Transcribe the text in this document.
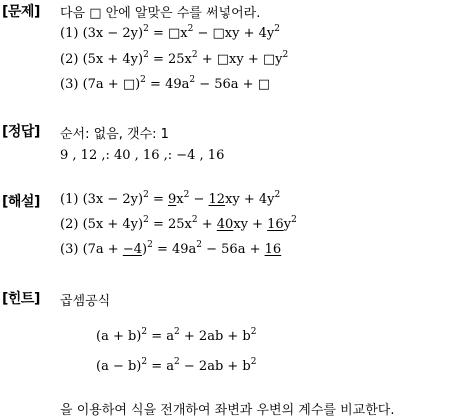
[문제] 다음 □ 안에 알맞은 수를 써넣어라.
(1) $(3x - 2y)^2$ = $□x^2$ − □xy + $4y^2$
(2) $(5x + 4y)^2 = 25x^2$ + □xy + $□y^2$
(3) (7a + □)$^2$ = $49a^2 - 56a$ + □
[정답] 순서: 없음, 갯수: 1
9 , 12 ,: 40 , 16 ,: −4 , 16
[해설] (1) $(3x - 2y)^2 = 9x^2 - 12xy + 4y^2$
(2) $(5x + 4y)^2 = 25x^2 + 40xy + 16y^2$
(3) $(7a + -4)^2 = 49a^2 - 56a + 16$
[힌트] 곱셈공식
$(a + b)^2 = a^2 + 2ab + b^2$
$(a - b)^2 = a^2 - 2ab + b^2$
을 이용하여 식을 전개하여 좌변과 우변의 계수를 비교한다.
